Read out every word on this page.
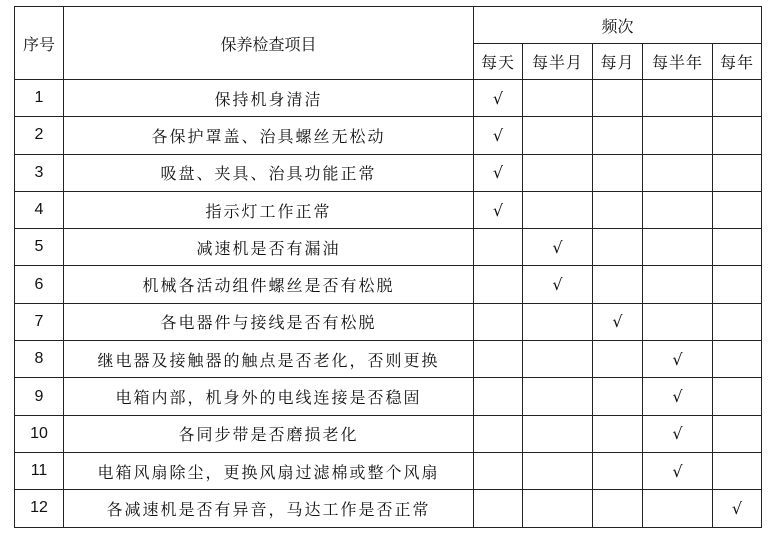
序号	保养检查项目	频次				
		每天	每半月	每月	每半年	每年
1	保持机身清洁	√				
2	各保护罩盖、治具螺丝无松动	√				
3	吸盘、夹具、治具功能正常	√				
4	指示灯工作正常	√				
5	减速机是否有漏油		√			
6	机械各活动组件螺丝是否有松脱		√			
7	各电器件与接线是否有松脱			√		
8	继电器及接触器的触点是否老化，否则更换				√	
9	电箱内部，机身外的电线连接是否稳固				√	
10	各同步带是否磨损老化				√	
11	电箱风扇除尘，更换风扇过滤棉或整个风扇				√	
12	各减速机是否有异音，马达工作是否正常					√
